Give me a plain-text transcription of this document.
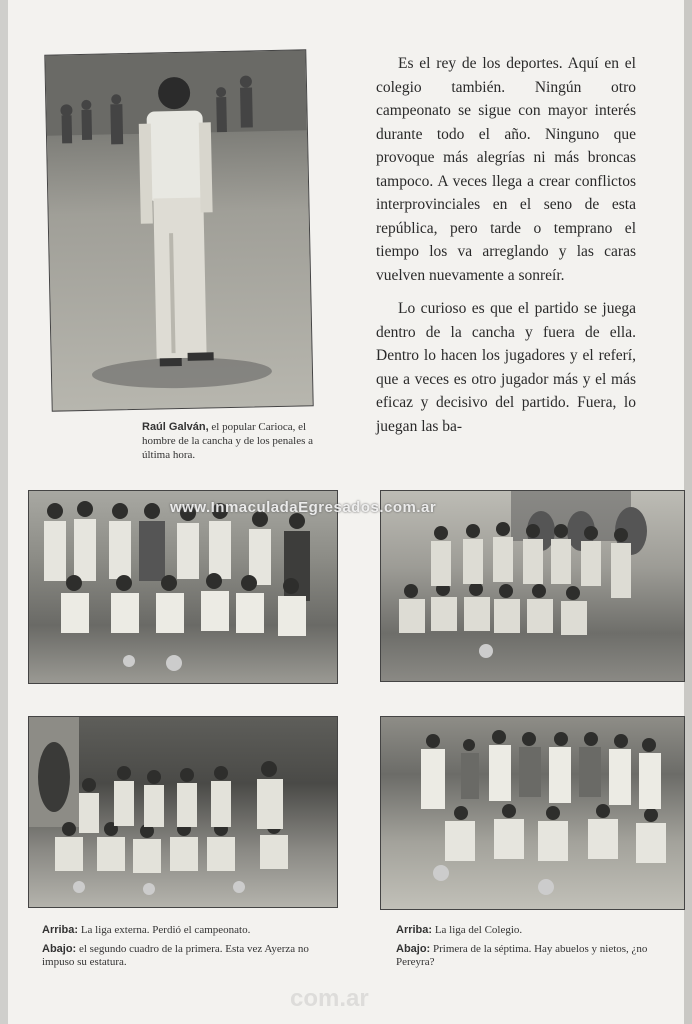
Raúl Galván, el popular Carioca, el hombre de la cancha y de los penales a última hora.

Es el rey de los deportes. Aquí en el colegio también. Ningún otro campeonato se sigue con mayor interés durante todo el año. Ninguno que provoque más alegrías ni más broncas tampoco. A veces llega a crear conflictos interprovinciales en el seno de esta república, pero tarde o temprano el tiempo los va arreglando y las caras vuelven nuevamente a sonreír.

Lo curioso es que el partido se juega dentro de la cancha y fuera de ella. Dentro lo hacen los jugadores y el referí, que a veces es otro jugador más y el más eficaz y decisivo del partido. Fuera, lo juegan las ba-

www.InmaculadaEgresados.com.ar
com.ar
Arriba: La liga externa. Perdió el campeonato.
Abajo: el segundo cuadro de la primera. Esta vez Ayerza no impuso su estatura.
Arriba: La liga del Colegio.
Abajo: Primera de la séptima. Hay abuelos y nietos, ¿no Pereyra?
